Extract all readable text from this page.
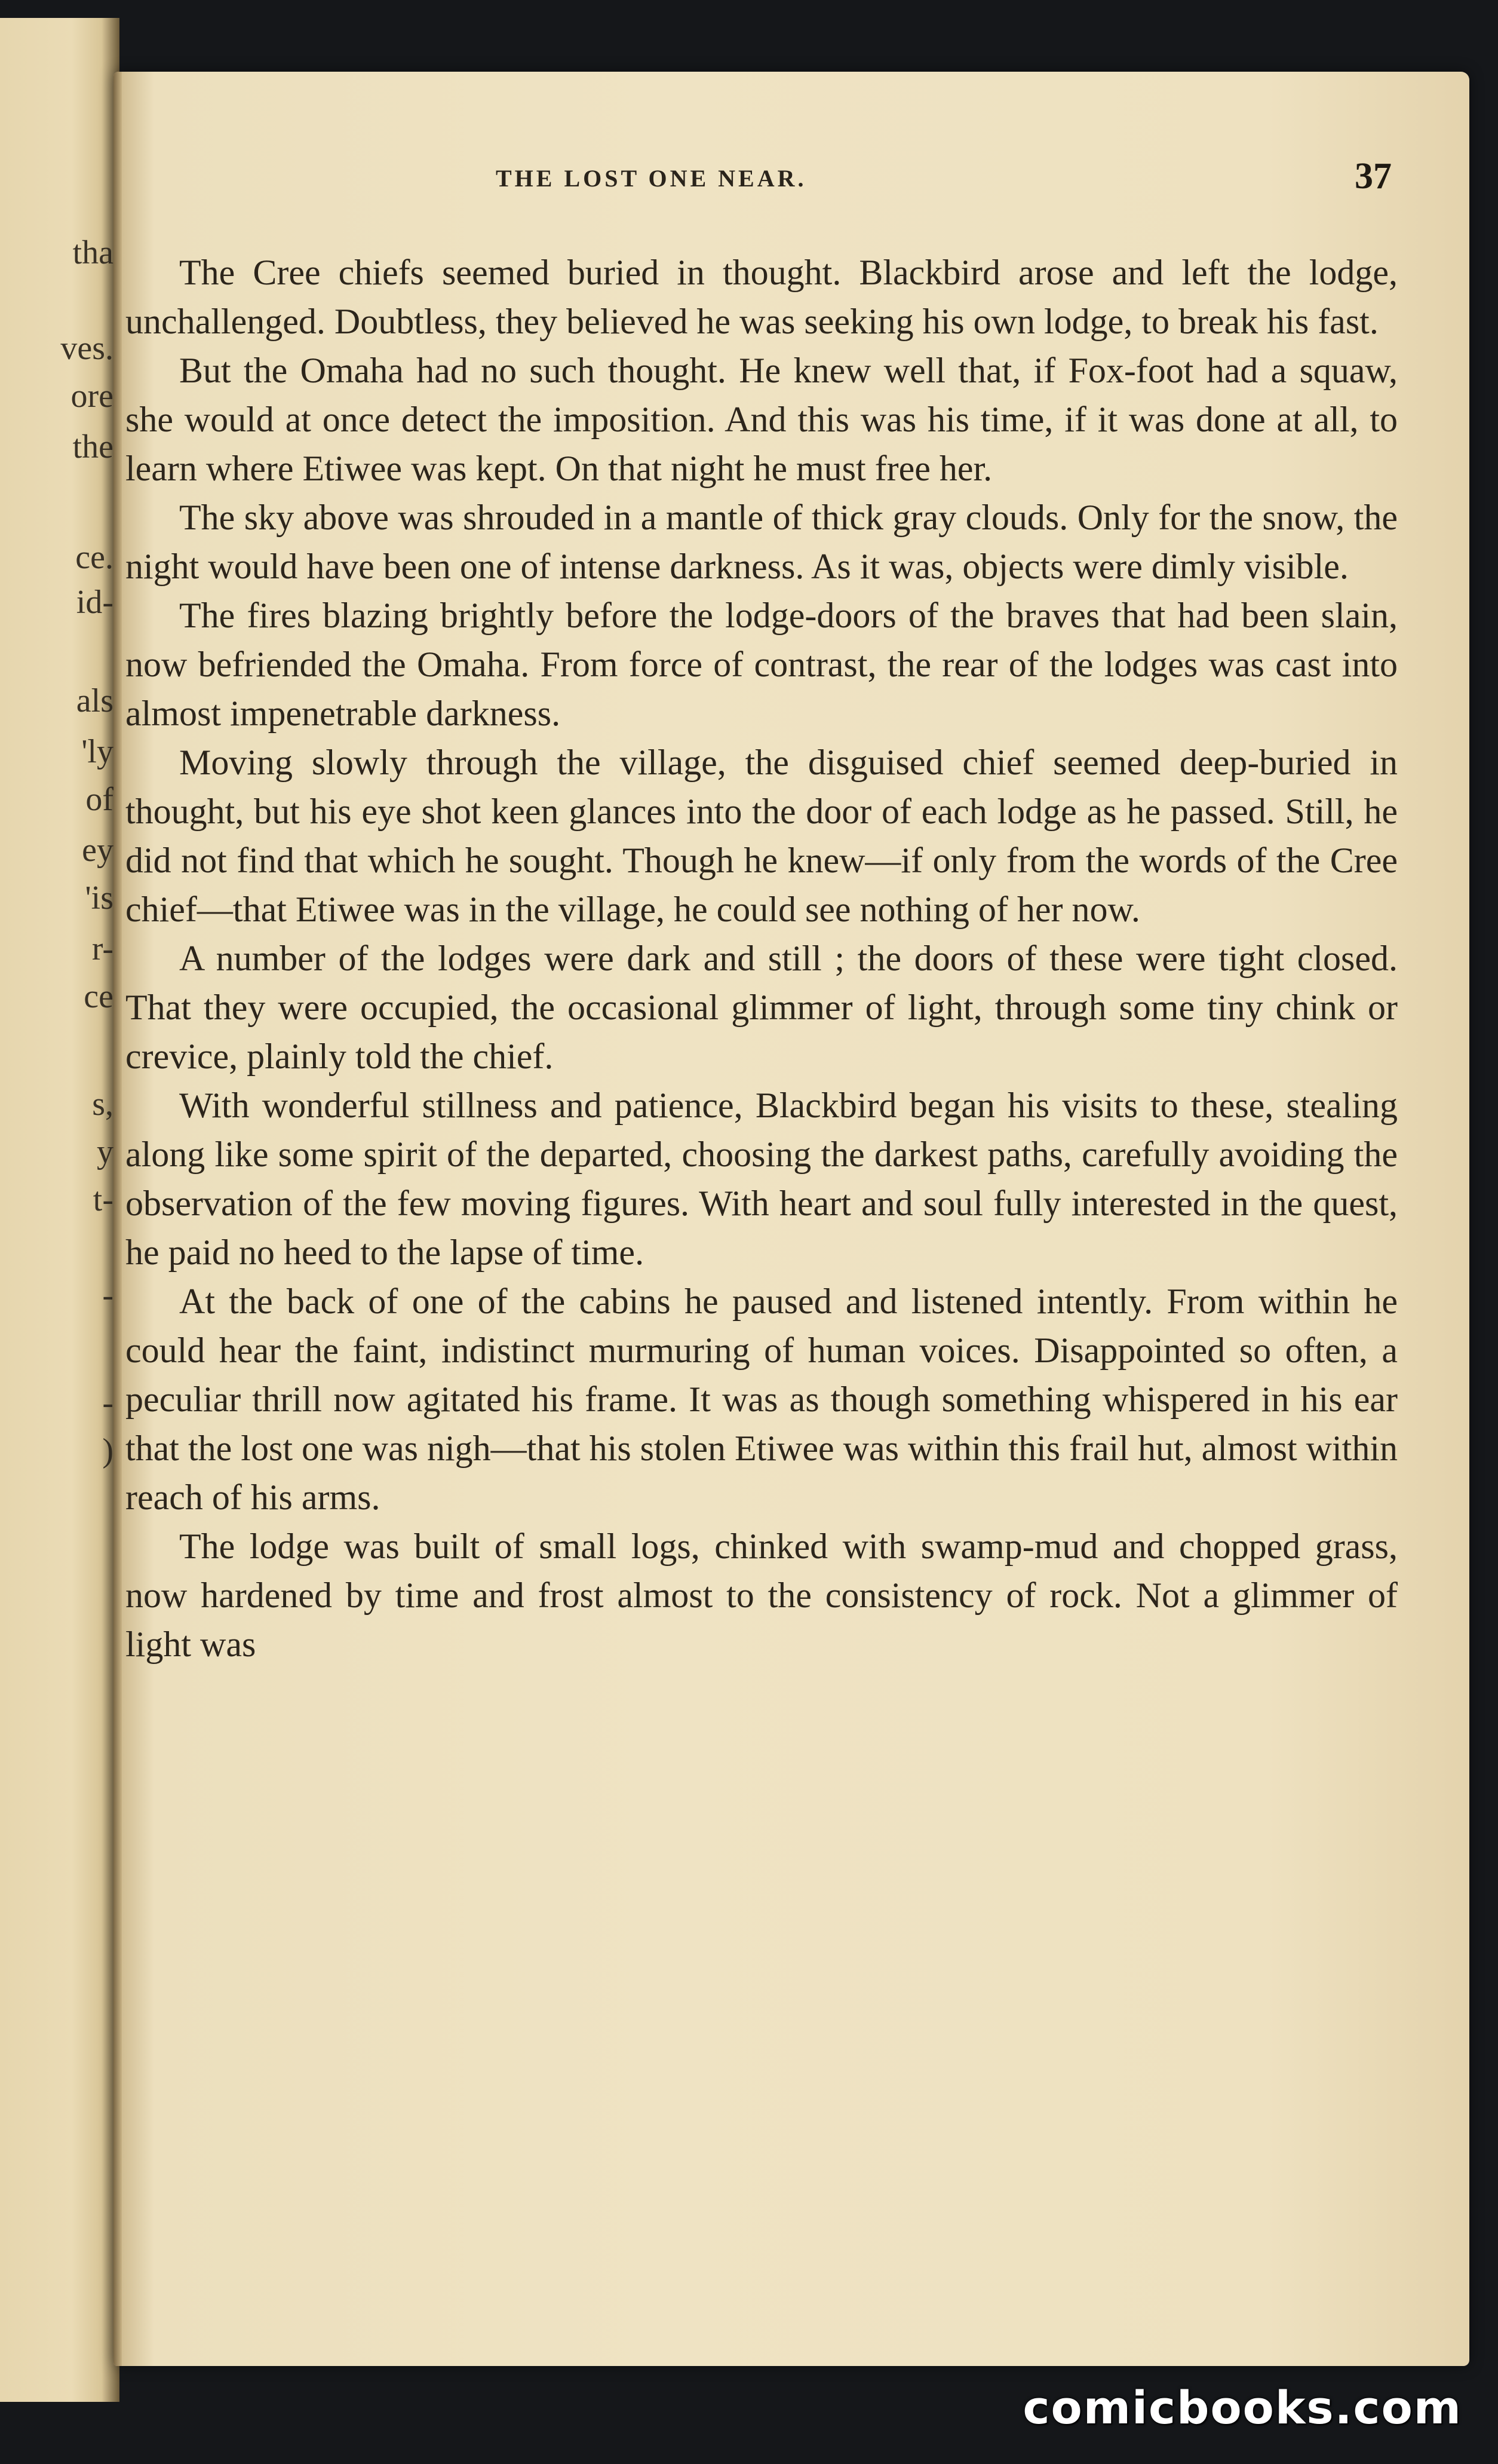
tha
ves.
ore
the
ce.
id-
als
'ly
of
ey
'is
r-
ce
s,
y
t-
-
-
)
THE LOST ONE NEAR.	37

The Cree chiefs seemed buried in thought. Blackbird arose and left the lodge, unchallenged. Doubtless, they believed he was seeking his own lodge, to break his fast.

But the Omaha had no such thought. He knew well that, if Fox-foot had a squaw, she would at once detect the imposition. And this was his time, if it was done at all, to learn where Etiwee was kept. On that night he must free her.

The sky above was shrouded in a mantle of thick gray clouds. Only for the snow, the night would have been one of intense darkness. As it was, objects were dimly visible.

The fires blazing brightly before the lodge-doors of the braves that had been slain, now befriended the Omaha. From force of contrast, the rear of the lodges was cast into almost impenetrable darkness.

Moving slowly through the village, the disguised chief seemed deep-buried in thought, but his eye shot keen glances into the door of each lodge as he passed. Still, he did not find that which he sought. Though he knew—if only from the words of the Cree chief—that Etiwee was in the village, he could see nothing of her now.

A number of the lodges were dark and still ; the doors of these were tight closed. That they were occupied, the occasional glimmer of light, through some tiny chink or crevice, plainly told the chief.

With wonderful stillness and patience, Blackbird began his visits to these, stealing along like some spirit of the departed, choosing the darkest paths, carefully avoiding the observation of the few moving figures. With heart and soul fully interested in the quest, he paid no heed to the lapse of time.

At the back of one of the cabins he paused and listened intently. From within he could hear the faint, indistinct murmuring of human voices. Disappointed so often, a peculiar thrill now agitated his frame. It was as though something whispered in his ear that the lost one was nigh—that his stolen Etiwee was within this frail hut, almost within reach of his arms.

The lodge was built of small logs, chinked with swamp-mud and chopped grass, now hardened by time and frost almost to the consistency of rock. Not a glimmer of light was

comicbooks.com
